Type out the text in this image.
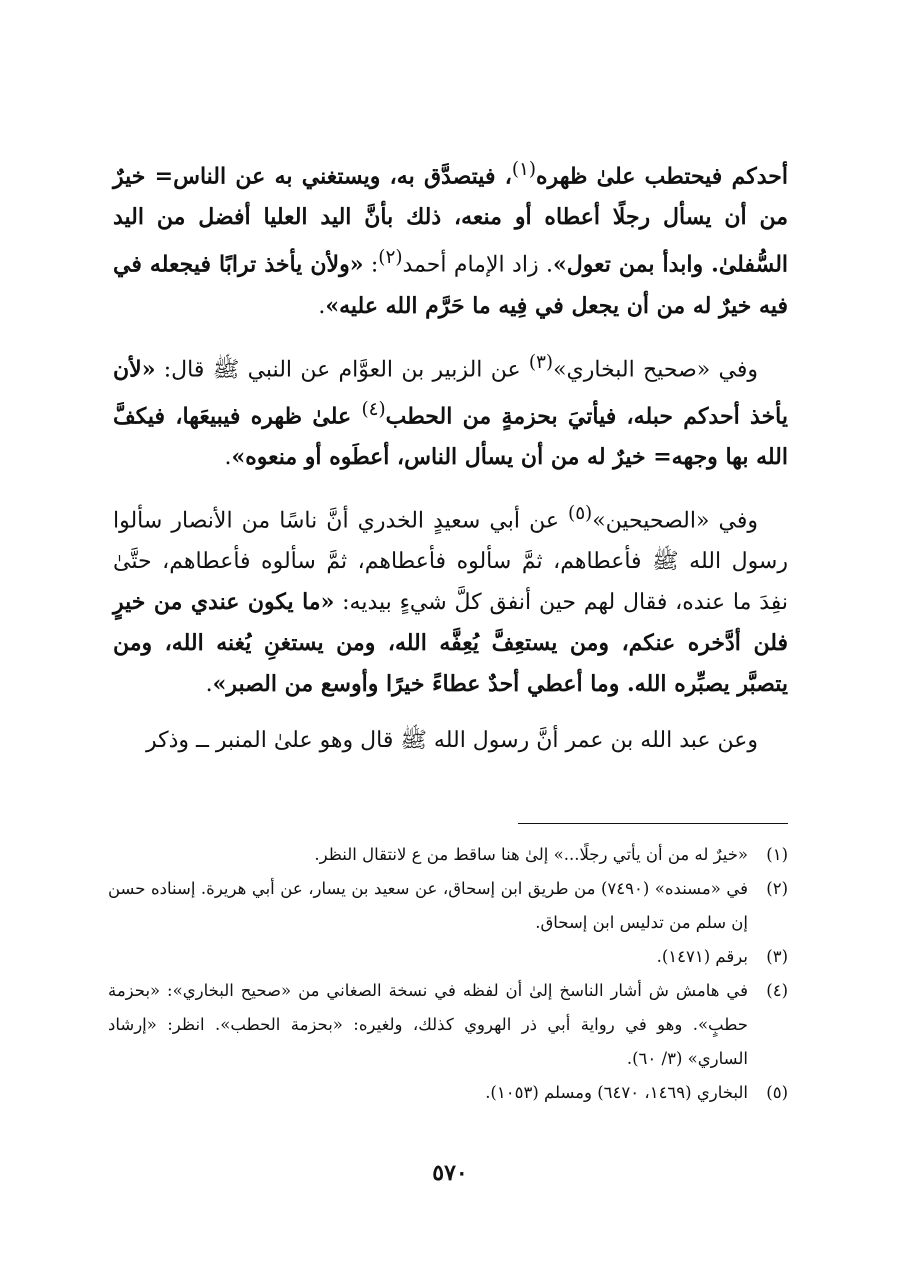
أحدكم فيحتطب علىٰ ظهره$^{(١)}$، فيتصدَّق به، ويستغني به عن الناس= خيرٌ من أن يسأل رجلًا أعطاه أو منعه، ذلك بأنَّ اليد العليا أفضل من اليد السُّفلىٰ. وابدأ بمن تعول». زاد الإمام أحمد$^{(٢)}$: «ولأن يأخذ ترابًا فيجعله في فيه خيرٌ له من أن يجعل في فِيه ما حَرَّم الله عليه».

وفي «صحيح البخاري»$^{(٣)}$ عن الزبير بن العوَّام عن النبي ﷺ قال: «لأن يأخذ أحدكم حبله، فيأتيَ بحزمةٍ من الحطب$^{(٤)}$ علىٰ ظهره فيبيعَها، فيكفَّ الله بها وجهه= خيرٌ له من أن يسأل الناس، أعطَوه أو منعوه».

وفي «الصحيحين»$^{(٥)}$ عن أبي سعيدٍ الخدري أنَّ ناسًا من الأنصار سألوا رسول الله ﷺ فأعطاهم، ثمَّ سألوه فأعطاهم، ثمَّ سألوه فأعطاهم، حتَّىٰ نفِدَ ما عنده، فقال لهم حين أنفق كلَّ شيءٍ بيديه: «ما يكون عندي من خيرٍ فلن أدَّخره عنكم، ومن يستعِفَّ يُعِفَّه الله، ومن يستغنِ يُغنه الله، ومن يتصبَّر يصبِّره الله. وما أعطي أحدٌ عطاءً خيرًا وأوسع من الصبر».

وعن عبد الله بن عمر أنَّ رسول الله ﷺ قال وهو علىٰ المنبر ــ وذكر

(١)
«خيرٌ له من أن يأتي رجلًا...» إلىٰ هنا ساقط من ع لانتقال النظر.
(٢)
في «مسنده» (٧٤٩٠) من طريق ابن إسحاق، عن سعيد بن يسار، عن أبي هريرة. إسناده حسن إن سلم من تدليس ابن إسحاق.
(٣)
برقم (١٤٧١).
(٤)
في هامش ش أشار الناسخ إلىٰ أن لفظه في نسخة الصغاني من «صحيح البخاري»: «بحزمة حطبٍ». وهو في رواية أبي ذر الهروي كذلك، ولغيره: «بحزمة الحطب». انظر: «إرشاد الساري» (٣/ ٦٠).
(٥)
البخاري (١٤٦٩، ٦٤٧٠) ومسلم (١٠٥٣).
٥٧٠
